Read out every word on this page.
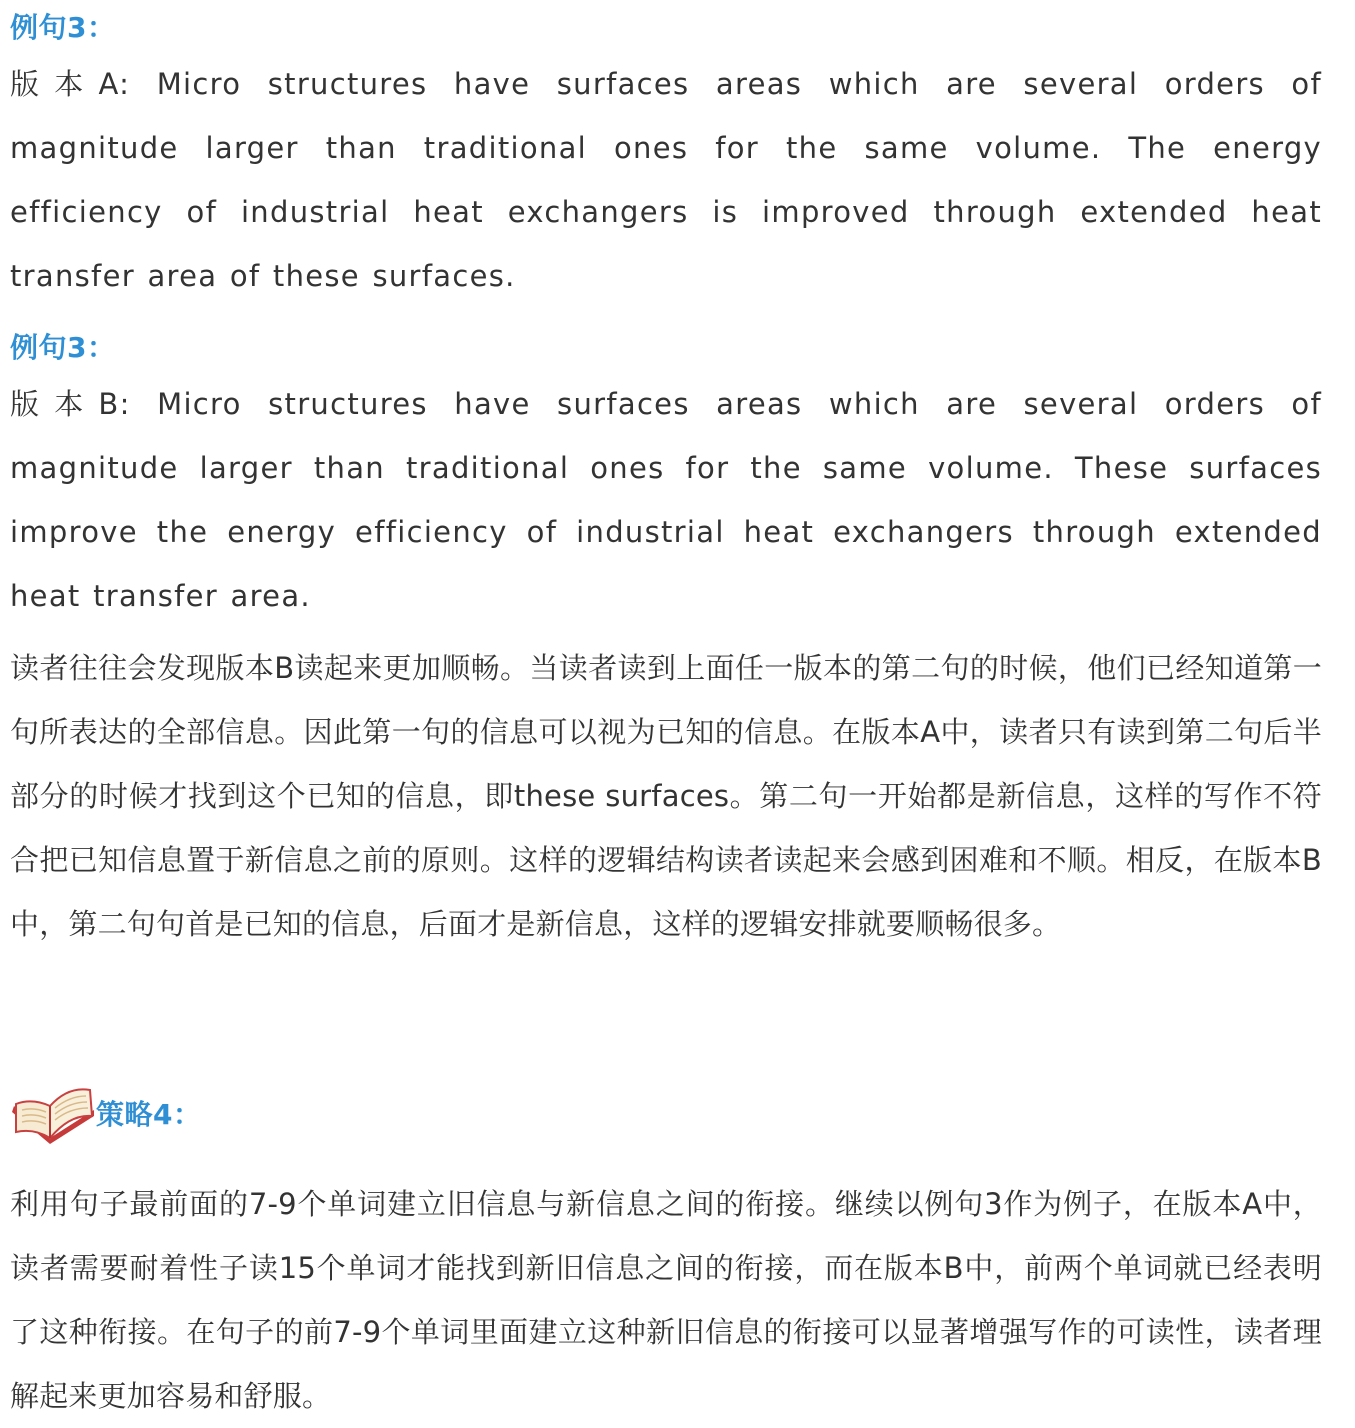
例句3：

版本A: Micro structures have surfaces areas which are several orders of magnitude larger than traditional ones for the same volume. The energy efficiency of industrial heat exchangers is improved through extended heat transfer area of these surfaces.

例句3：

版本B: Micro structures have surfaces areas which are several orders of magnitude larger than traditional ones for the same volume. These surfaces improve the energy efficiency of industrial heat exchangers through extended heat transfer area.

读者往往会发现版本B读起来更加顺畅。当读者读到上面任一版本的第二句的时候，他们已经知道第一句所表达的全部信息。因此第一句的信息可以视为已知的信息。在版本A中，读者只有读到第二句后半部分的时候才找到这个已知的信息，即these surfaces。第二句一开始都是新信息，这样的写作不符合把已知信息置于新信息之前的原则。这样的逻辑结构读者读起来会感到困难和不顺。相反，在版本B中，第二句句首是已知的信息，后面才是新信息，这样的逻辑安排就要顺畅很多。

策略4：

利用句子最前面的7-9个单词建立旧信息与新信息之间的衔接。继续以例句3作为例子，在版本A中，读者需要耐着性子读15个单词才能找到新旧信息之间的衔接，而在版本B中，前两个单词就已经表明了这种衔接。在句子的前7-9个单词里面建立这种新旧信息的衔接可以显著增强写作的可读性，读者理解起来更加容易和舒服。
